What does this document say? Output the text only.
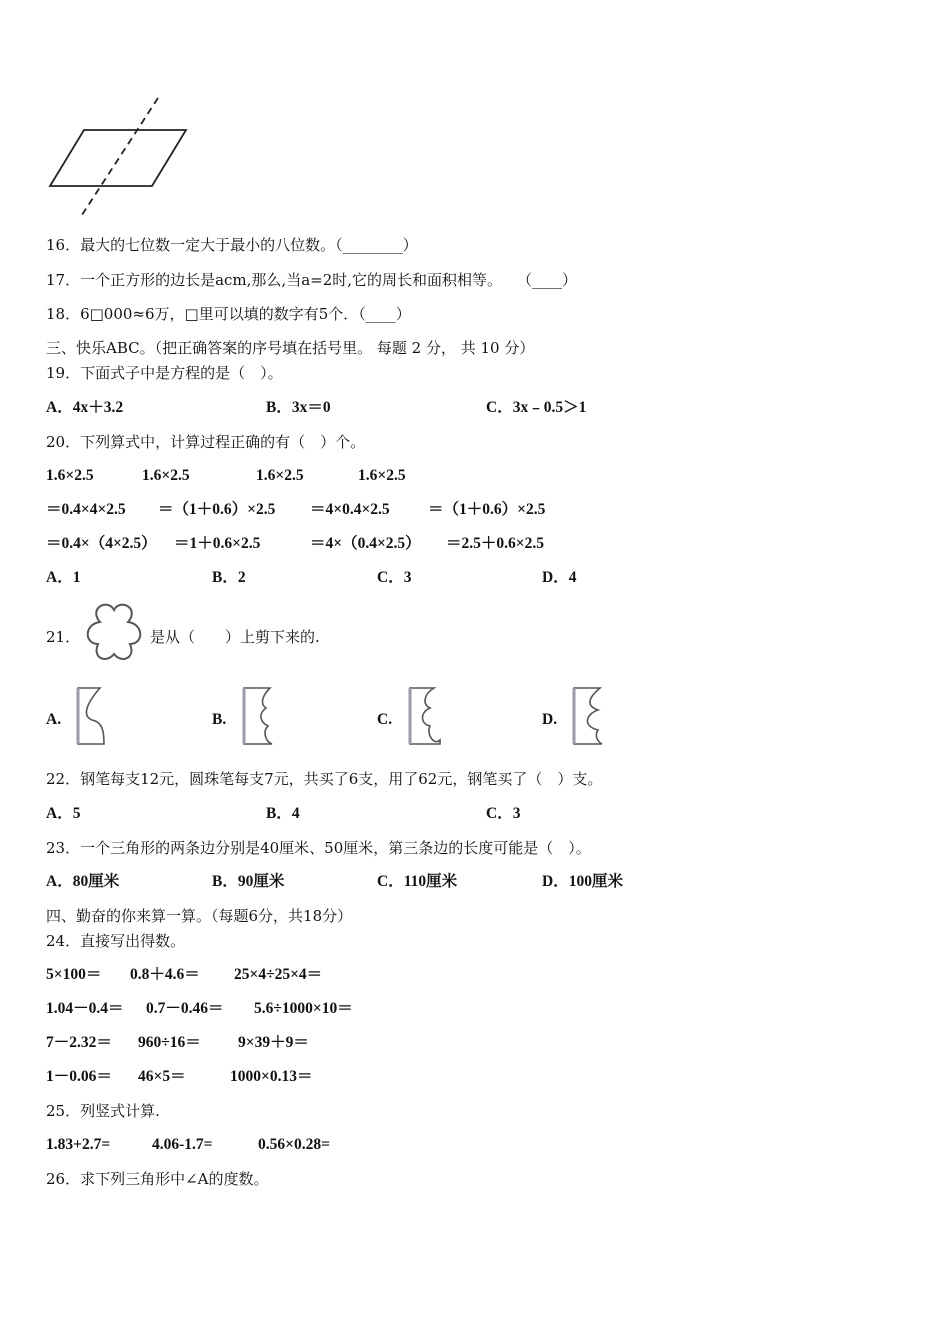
16．最大的七位数一定大于最小的八位数。（________）
17．一个正方形的边长是acm,那么,当a=2时,它的周长和面积相等。　　（____）
18．6□000≈6万，□里可以填的数字有5个．（____）
三、快乐ABC。（把正确答案的序号填在括号里。 每题 2 分， 共 10 分）
19．下面式子中是方程的是（　）。
A．4x＋3.2	B．3x＝0	C．3x﹣0.5＞1
20．下列算式中，计算过程正确的有（　）个。
1.6×2.5	1.6×2.5	1.6×2.5	1.6×2.5
＝0.4×4×2.5 ＝（1＋0.6）×2.5 ＝4×0.4×2.5 ＝（1＋0.6）×2.5
＝0.4×（4×2.5） ＝1＋0.6×2.5	＝4×（0.4×2.5） ＝2.5＋0.6×2.5
A．1	B．2	C．3	D．4
21．	是从（　　）上剪下来的.
A.	B.	C.	D.
22．钢笔每支12元，圆珠笔每支7元，共买了6支，用了62元，钢笔买了（　）支。
A．5	B．4	C．3
23．一个三角形的两条边分别是40厘米、50厘米，第三条边的长度可能是（　）。
A．80厘米	B．90厘米	C．110厘米	D．100厘米
四、勤奋的你来算一算。（每题6分，共18分）
24．直接写出得数。
5×100＝ 0.8＋4.6＝ 25×4÷25×4＝
1.04－0.4＝ 0.7－0.46＝ 5.6÷1000×10＝
7－2.32＝ 960÷16＝ 9×39＋9＝
1－0.06＝ 46×5＝	1000×0.13＝
25．列竖式计算.
1.83+2.7=	4.06-1.7=	0.56×0.28=
26．求下列三角形中∠A的度数。
